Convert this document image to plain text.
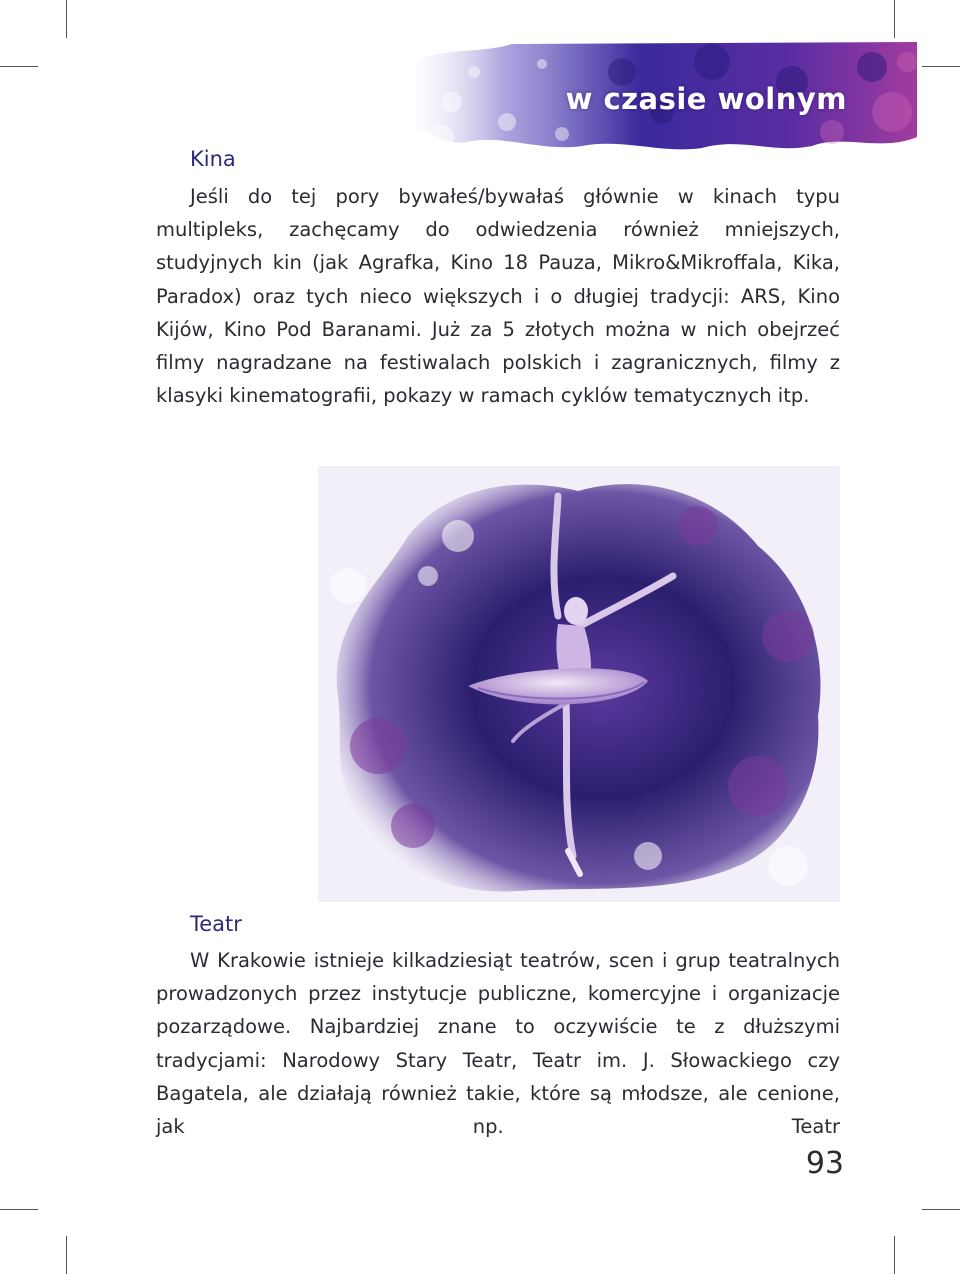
w czasie wolnym
Kina

Jeśli do tej pory bywałeś/bywałaś głównie w kinach typu multipleks, zachęcamy do odwiedzenia również mniejszych, studyjnych kin (jak Agrafka, Kino 18 Pauza, Mikro&Mikroffala, Kika, Paradox) oraz tych nieco większych i o długiej tradycji: ARS, Kino Kijów, Kino Pod Baranami. Już za 5 złotych można w nich obejrzeć filmy nagradzane na festiwalach polskich i zagranicznych, filmy z klasyki kinematografii, pokazy w ramach cyklów tematycznych itp.

Teatr

W Krakowie istnieje kilkadziesiąt teatrów, scen i grup teatralnych prowadzonych przez instytucje publiczne, komercyjne i organizacje pozarządowe. Najbardziej znane to oczywiście te z dłuższymi tradycjami: Narodowy Stary Teatr, Teatr im. J. Słowackiego czy Bagatela, ale działają również takie, które są młodsze, ale cenione, jak np. Teatr

93
